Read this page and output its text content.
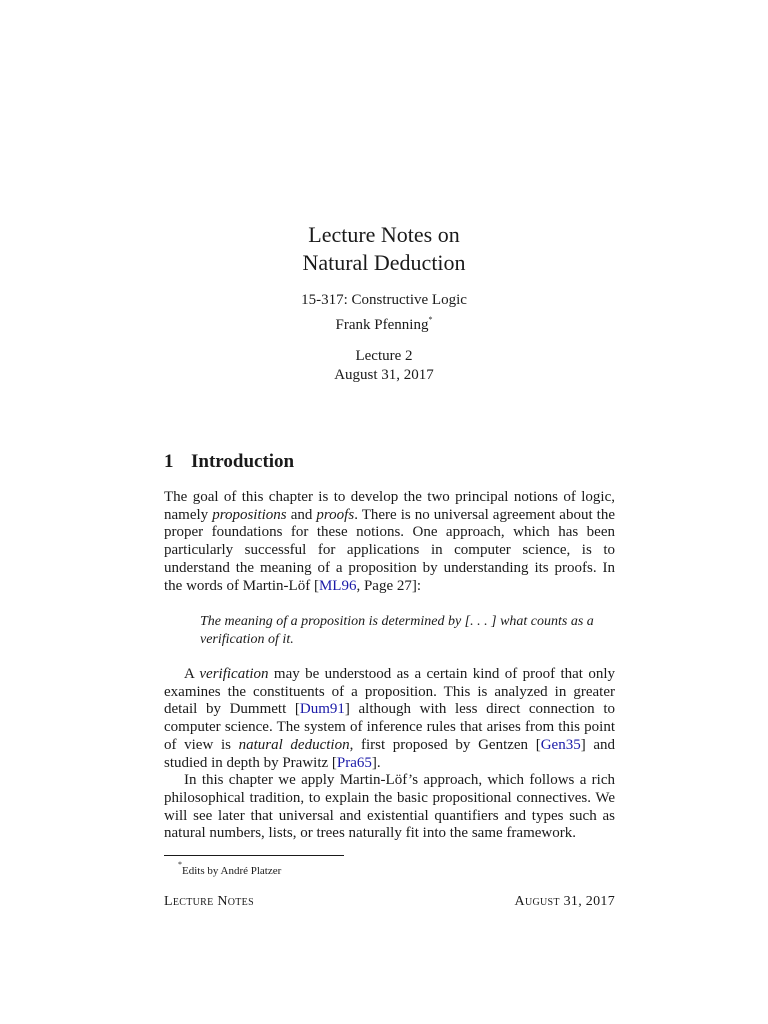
Lecture Notes on
Natural Deduction
15-317: Constructive Logic
Frank Pfenning*
Lecture 2
August 31, 2017
1 Introduction

The goal of this chapter is to develop the two principal notions of logic, namely propositions and proofs. There is no universal agreement about the proper foundations for these notions. One approach, which has been particularly successful for applications in computer science, is to understand the meaning of a proposition by understanding its proofs. In the words of Martin-Löf [ML96, Page 27]:

The meaning of a proposition is determined by [. . . ] what counts as a verification of it.

A verification may be understood as a certain kind of proof that only examines the constituents of a proposition. This is analyzed in greater detail by Dummett [Dum91] although with less direct connection to computer science. The system of inference rules that arises from this point of view is natural deduction, first proposed by Gentzen [Gen35] and studied in depth by Prawitz [Pra65].

In this chapter we apply Martin-Löf’s approach, which follows a rich philosophical tradition, to explain the basic propositional connectives. We will see later that universal and existential quantifiers and types such as natural numbers, lists, or trees naturally fit into the same framework.

*Edits by André Platzer
Lecture Notes	August 31, 2017
